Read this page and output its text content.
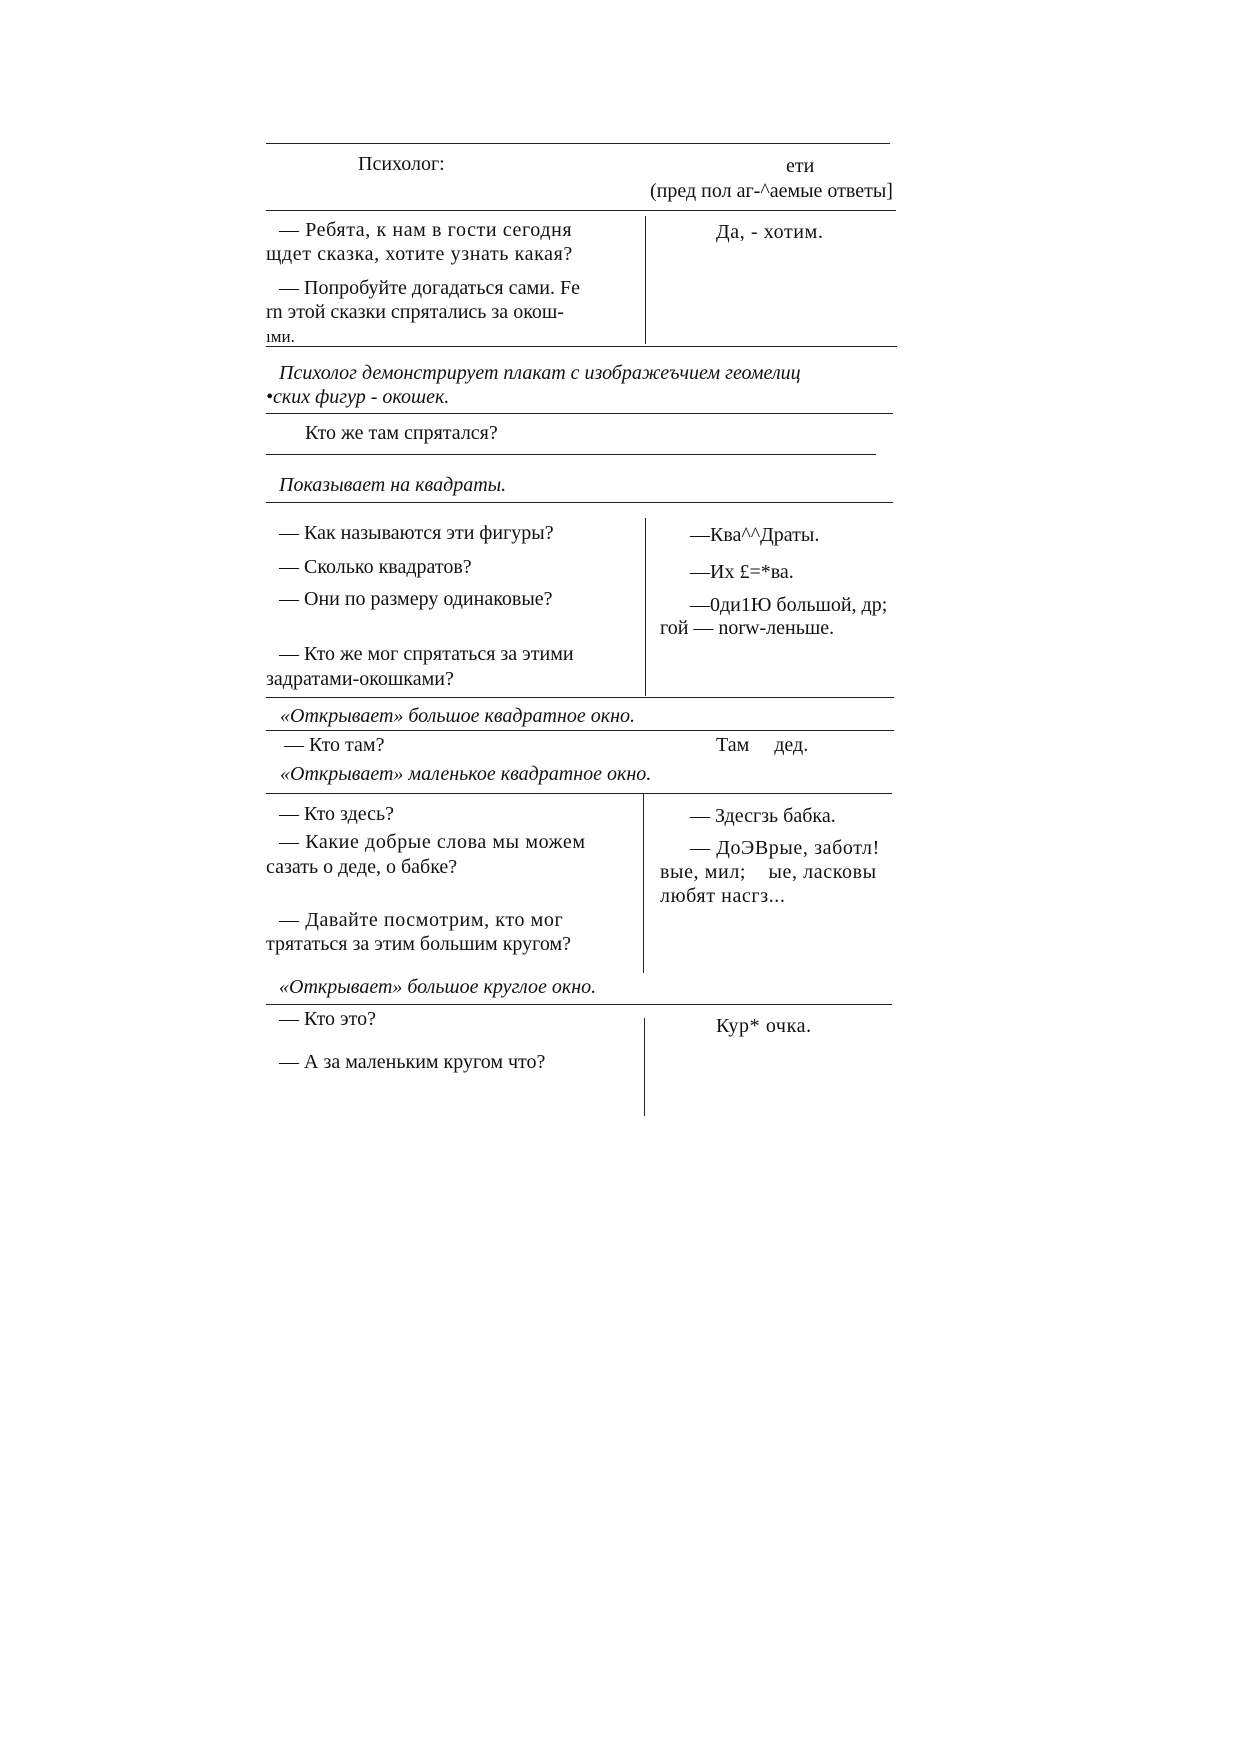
Психолог:	ети
(пред пол аг-^аемые ответы]
— Ребята, к нам в гости сегодня
щдет сказка, хотите узнать какая?
— Попробуйте догадаться сами. Fe
rn этой сказки спрятались за окош-
ıми.
Да, - хотим.
Психолог демонстрирует плакат с изображеъчием геомелиц
•ских фигур - окошек.
Кто же там спрятался?
Показывает на квадраты.
— Как называются эти фигуры?
— Сколько квадратов?
— Они по размеру одинаковые?
— Кто же мог спрятаться за этими
задратами-окошками?
—Ква^^Драты.
—Их £=*ва.
—0ди1Ю большой, др;
гой — norw-леньше.
«Открывает» большое квадратное окно.
— Кто там?	Там     дед.
«Открывает» маленькое квадратное окно.
— Кто здесь?
— Какие добрые слова мы можем
сазать о деде, о бабке?
— Давайте посмотрим, кто мог
трятаться за этим большим кругом?
— Здесгзь бабка.
— ДоЭВрые, заботл!
вые, мил;    ые, ласковы
любят насгз...
«Открывает» большое круглое окно.
— Кто это?
— А за маленьким кругом что?
Кур* очка.
